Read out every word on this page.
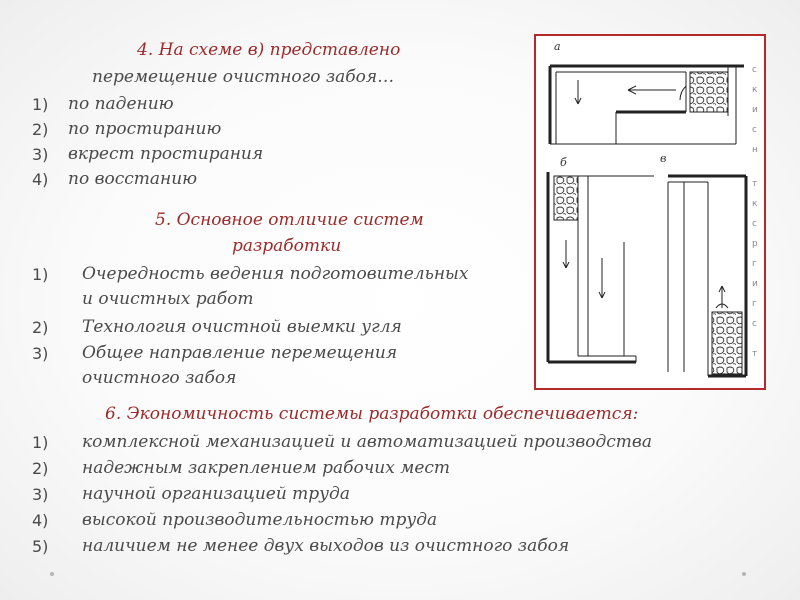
4. На схеме в) представлено
перемещение очистного забоя…
1) по падению
2) по простиранию
3) вкрест простирания
4) по восстанию
5. Основное отличие систем
разработки
1) Очередность ведения подготовительных
и очистных работ
2) Технология очистной выемки угля
3) Общее направление перемещения
очистного забоя
6. Экономичность системы разработки обеспечивается:
1) комплексной механизацией и автоматизацией производства
2) надежным закреплением рабочих мест
3) научной организацией труда
4) высокой производительностью труда
5) наличием не менее двух выходов из очистного забоя
а
б	в
с
к
и
с
н
т
к
с
р
г
и
г
с
т
